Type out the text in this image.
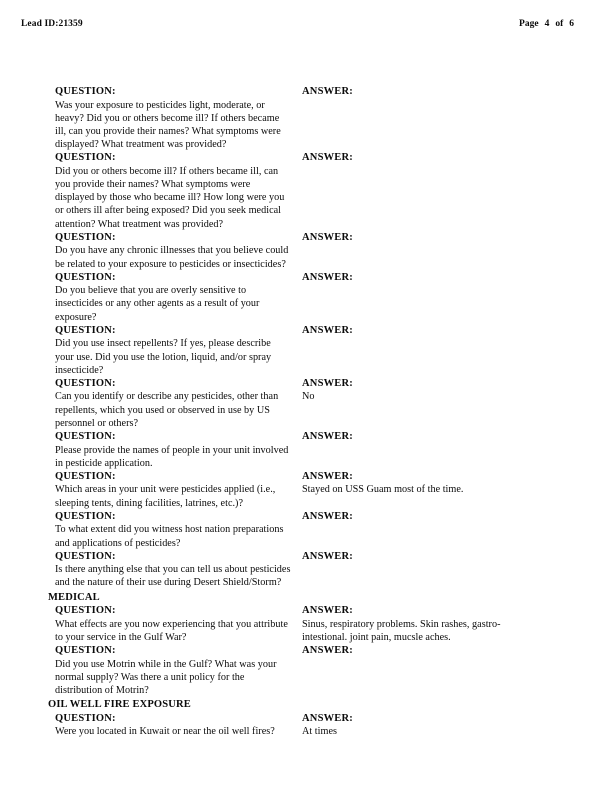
Lead ID:21359	Page 4 of 6
QUESTION:
Was your exposure to pesticides light, moderate, or
heavy? Did you or others become ill? If others became
ill, can you provide their names? What symptoms were
displayed? What treatment was provided?
ANSWER:
QUESTION:
Did you or others become ill? If others became ill, can
you provide their names? What symptoms were
displayed by those who became ill? How long were you
or others ill after being exposed? Did you seek medical
attention? What treatment was provided?
ANSWER:
QUESTION:
Do you have any chronic illnesses that you believe could
be related to your exposure to pesticides or insecticides?
ANSWER:
QUESTION:
Do you believe that you are overly sensitive to
insecticides or any other agents as a result of your
exposure?
ANSWER:
QUESTION:
Did you use insect repellents? If yes, please describe
your use. Did you use the lotion, liquid, and/or spray
insecticide?
ANSWER:
QUESTION:
Can you identify or describe any pesticides, other than
repellents, which you used or observed in use by US
personnel or others?
ANSWER:
No
QUESTION:
Please provide the names of people in your unit involved
in pesticide application.
ANSWER:
QUESTION:
Which areas in your unit were pesticides applied (i.e.,
sleeping tents, dining facilities, latrines, etc.)?
ANSWER:
Stayed on USS Guam most of the time.
QUESTION:
To what extent did you witness host nation preparations
and applications of pesticides?
ANSWER:
QUESTION:
Is there anything else that you can tell us about pesticides
and the nature of their use during Desert Shield/Storm?
ANSWER:
MEDICAL
QUESTION:
What effects are you now experiencing that you attribute
to your service in the Gulf War?
ANSWER:
Sinus, respiratory problems. Skin rashes, gastro-
intestional. joint pain, mucsle aches.
QUESTION:
Did you use Motrin while in the Gulf? What was your
normal supply? Was there a unit policy for the
distribution of Motrin?
ANSWER:
OIL WELL FIRE EXPOSURE
QUESTION:
Were you located in Kuwait or near the oil well fires?
ANSWER:
At times
